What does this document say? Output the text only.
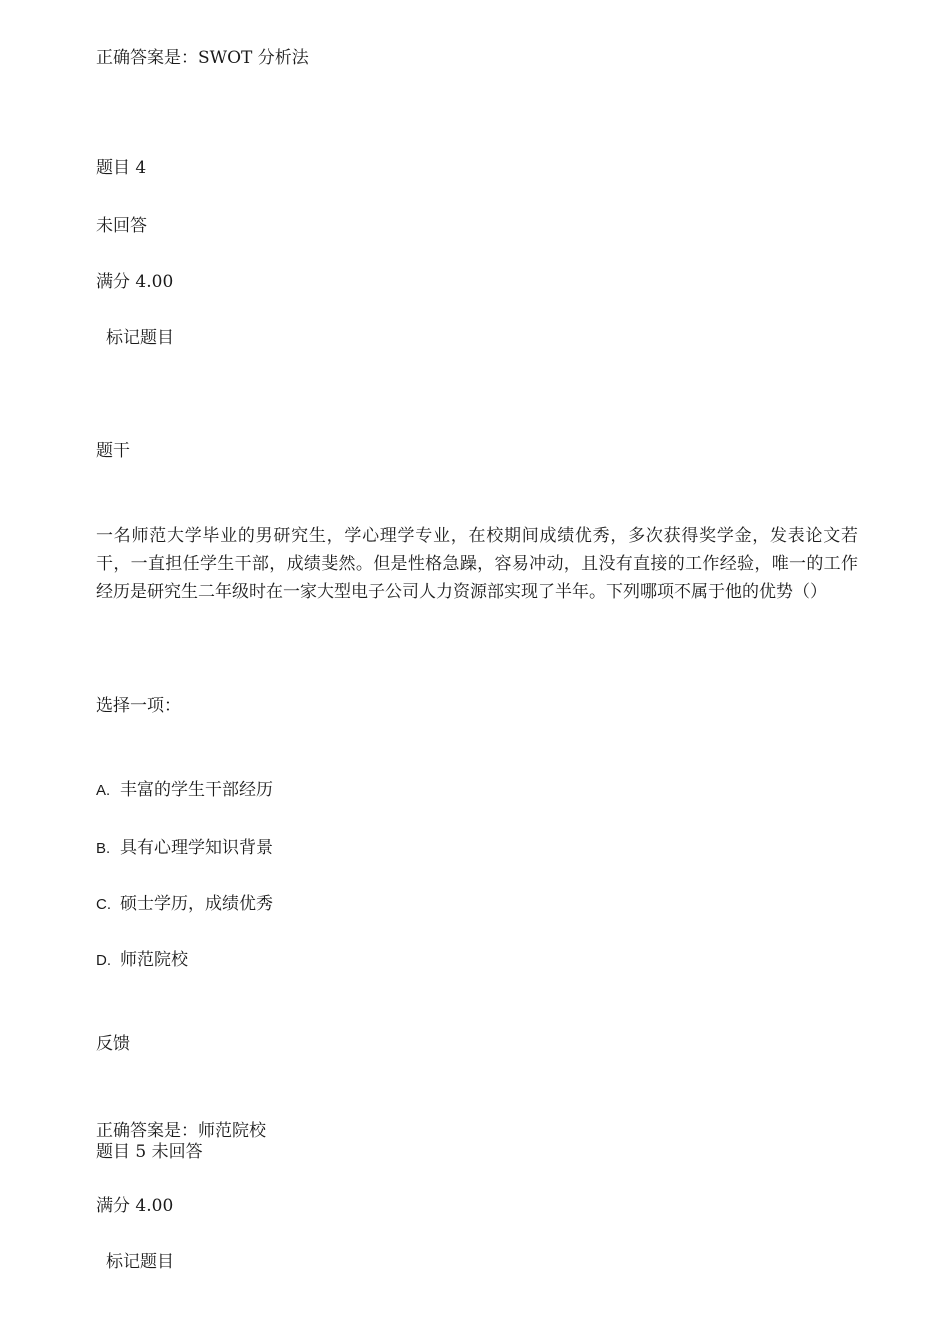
正确答案是：SWOT 分析法
题目 4
未回答
满分 4.00
标记题目
题干
一名师范大学毕业的男研究生，学心理学专业，在校期间成绩优秀，多次获得奖学金，发表论文若干，一直担任学生干部，成绩斐然。但是性格急躁，容易冲动，且没有直接的工作经验，唯一的工作经历是研究生二年级时在一家大型电子公司人力资源部实现了半年。下列哪项不属于他的优势（）
选择一项：
A. 丰富的学生干部经历
B. 具有心理学知识背景
C. 硕士学历，成绩优秀
D. 师范院校
反馈
正确答案是：师范院校
题目 5 未回答
满分 4.00
标记题目
